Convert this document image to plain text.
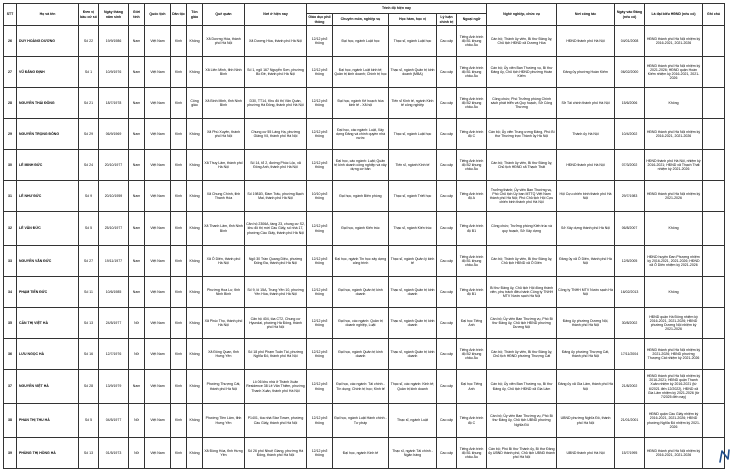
STT	Họ và tên	Đơn vị bầu cử số	Ngày tháng năm sinh	Giới tính	Quốc tịch	Dân tộc	Tôn giáo	Quê quán	Nơi ở hiện nay	Trình độ hiện nay					Nghề nghiệp, chức vụ	Nơi công tác	Ngày vào Đảng (nếu có)	Là đại biểu HĐND (nếu có)	Ghi chú
										Giáo dục phổ thông	Chuyên môn, nghiệp vụ	Học hàm, học vị	Lý luận chính trị	Ngoại ngữ					
26	DUY HOÀNG DƯƠNG	Số 22	19/9/1986	Nam	Việt Nam	Kinh	Không	Xã Dương Hòa, thành phố Hà Nội	Xã Dương Hòa, thành phố Hà Nội	12/12 phổ thông	Đại học, ngành Luật học	Thạc sĩ, ngành Luật học	Cao cấp	Tiếng Anh trình độ B1 khung châu Âu	Cán bộ; Thành ủy viên, Bí thư Đảng ủy, Chủ tịch HĐND xã Dương Hòa	HĐND thành phố Hà Nội	04/01/2008	HĐND thành phố Hà Nội nhiệm kỳ 2016-2021, 2021-2026	
27	VŨ ĐĂNG ĐỊNH	Số 1	10/9/1976	Nam	Việt Nam	Kinh	Không	Xã Liên Minh, tỉnh Ninh Bình	Số 1, ngõ 167 Nguyễn Sơn, phường Bồ Đề, thành phố Hà Nội	12/12 phổ thông	Đại học, ngành Luật kinh tế; Quản trị kinh doanh; Chính trị học	Thạc sĩ, ngành Quản trị kinh doanh (MBA)	Cao cấp	Tiếng Anh trình độ B1 khung châu Âu	Cán bộ; Ủy viên Ban Thường vụ, Bí thư Đảng ủy, Chủ tịch HĐND phường Hoàn Kiếm	Đảng ủy phường Hoàn Kiếm	06/02/2000	HĐND thành phố Hà Nội nhiệm kỳ 2021-2026; HĐND quận Hoàn Kiếm nhiệm kỳ 2016-2021, 2021-2026	
28	NGUYỄN THÁI ĐÔNG	Số 21	18/7/1978	Nam	Việt Nam	Kinh	Công giáo	Xã Bình Minh, tỉnh Ninh Bình	D30, TT14, Khu đô thị Văn Quán, phường Hà Đông, thành phố Hà Nội	12/12 phổ thông	Đại học, ngành Kế hoạch hóa kinh tế - Xã hội	Tiến sĩ Kinh tế, ngành Kinh tế công nghiệp	Cao cấp	Tiếng Anh trình độ B2 khung châu Âu	Công chức; Phó Trưởng phòng Chính sách phát triển và Quy hoạch, Sở Công Thương	Sở Tài chính thành phố Hà Nội	15/6/2006	Không	
29	NGUYỄN TRỌNG ĐÔNG	Số 29	06/9/1969	Nam	Việt Nam	Kinh	Không	Xã Phú Xuyên, thành phố Hà Nội	Chung cư 55 Láng Hạ, phường Giảng Võ, thành phố Hà Nội	12/12 phổ thông	Đại học, các ngành: Luật, Xây dựng Đảng và chính quyền nhà nước	Thạc sĩ, ngành Luật học	Cao cấp	Tiếng Anh trình độ C	Cán bộ; Ủy viên Trung ương Đảng, Phó Bí thư Thường trực Thành ủy Hà Nội	Thành ủy Hà Nội	10/4/2002	HĐND thành phố Hà Nội nhiệm kỳ 2016-2021, 2021-2026	
30	LÊ MINH ĐỨC	Số 24	20/10/1977	Nam	Việt Nam	Kinh	Không	Xã Thuỵ Lâm, thành phố Hà Nội	Số 14, tổ 2, đường Phúc Lộc, xã Đông Anh, thành phố Hà Nội	12/12 phổ thông	Đại học, các ngành: Luật; Quản trị kinh doanh công nghiệp và xây dựng cơ bản	Tiến sĩ, ngành Kinh tế	Cao cấp	Tiếng Anh trình độ B2 khung châu Âu	Cán bộ; Thành ủy viên, Bí thư Đảng ủy, Chủ tịch HĐND xã Thạch Thất	HĐND thành phố Hà Nội	07/3/2002	HĐND thành phố Hà Nội, nhiệm kỳ 2016-2021; HĐND xã Thạch Thất nhiệm kỳ 2021-2026	
31	LÊ NHƯ ĐỨC	Số 9	20/10/1959	Nam	Việt Nam	Kinh	Không	Xã Chung Chính, tỉnh Thanh Hóa	Số 1981Đ, Đầm Trấu, phường Bạch Mai, thành phố Hà Nội	10/10 phổ thông	Đại học, ngành Biên phòng	Thạc sĩ, ngành Triết học	Cao cấp	Tiếng Anh trình độ A	Trưởng thành; Ủy viên Ban Thường vụ, Phó Chủ tịch Ủy ban MTTQ Việt Nam thành phố Hà Nội; Phó Chủ tịch Hội Cựu chiến binh thành phố Hà Nội	Hội Cựu chiến binh thành phố Hà Nội	29/7/1983	HĐND thành phố Hà Nội nhiệm kỳ 2021-2026	
32	LÊ VĂN ĐỨC	Số 5	25/10/1977	Nam	Việt Nam	Kinh	Không	Xã Thanh Lâm, tỉnh Ninh Bình	Căn hộ 2306A, tầng 23, chung cư S2, khu đô thị mới Cầu Giấy, số nhà 17, phường Cầu Giấy, thành phố Hà Nội	12/12 phổ thông	Đại học, ngành Kiến trúc	Thạc sĩ, ngành Kiến trúc	Cao cấp	Tiếng Anh trình độ B1	Công chức; Trưởng phòng Kiến trúc và quy hoạch, Sở Xây dựng	Sở Xây dựng thành phố Hà Nội	06/8/2007	Không	
33	NGUYỄN VĂN ĐỨC	Số 27	19/11/1977	Nam	Việt Nam	Kinh	Không	Xã Ô Diên, thành phố Hà Nội	Ngõ 30 Trần Quang Diệu, phường Đống Đa, thành phố Hà Nội	12/12 phổ thông	Đại học, ngành Tin học xây dựng công trình	Thạc sĩ, ngành Quản lý kinh tế	Cao cấp	Tiếng Anh trình độ B1 khung châu Âu	Cán bộ; Thành ủy viên, Bí thư Đảng ủy, Chủ tịch HĐND xã Ô Diên	Đảng ủy xã Ô Diên, thành phố Hà Nội	12/5/2005	HĐND huyện Đan Phượng nhiệm kỳ 2016-2021, 2021-2026; HĐND xã Ô Diên nhiệm kỳ 2021-2026	
34	PHẠM TIẾN ĐỨC	Số 11	10/6/1985	Nam	Việt Nam	Kinh	Không	Phường Hoa Lư, tỉnh Ninh Bình	Số 9, lô 15A, Trung Yên 10, phường Yên Hòa, thành phố Hà Nội	12/12 phổ thông	Đại học, ngành Quản trị kinh doanh	Thạc sĩ, ngành Quản trị kinh doanh	Cao cấp	Tiếng Anh trình độ B1	Bí thư Đảng ủy, Chủ tịch Hội đồng thành viên, phụ trách điều hành Công ty TNHH MTV Nước sạch Hà Nội	Công ty TNHH MTV Nước sạch Hà Nội	16/02/2013	Không	
35	CẤN THỊ VIỆT HÀ	Số 13	24/5/1977	Nữ	Việt Nam	Kinh	Không	Xã Phúc Thọ, thành phố Hà Nội	Căn hộ 404, tòa CT2, Chung cư Hyundai, phường Hà Đông, thành phố Hà Nội	12/12 phổ thông	Đại học, các ngành: Quản trị doanh nghiệp, Luật	Thạc sĩ, ngành Quản trị kinh doanh	Cao cấp	Đại học Tiếng Anh	Cán bộ; Ủy viên Ban Thường vụ, Phó Bí thư Đảng ủy, Chủ tịch HĐND phường Dương Nội	Đảng ủy phường Dương Nội, thành phố Hà Nội	30/8/2002	HĐND quận Hà Đông nhiệm kỳ 2016-2021, 2021-2026; HĐND phường Dương Nội nhiệm kỳ 2021-2026	
36	LƯU NGỌC HÀ	Số 16	12/7/1976	Nữ	Việt Nam	Kinh	Không	Xã Đông Quan, tỉnh Hưng Yên	Số 18 phố Phạm Tuấn Tài, phường Nghĩa Đô, thành phố Hà Nội	12/12 phổ thông	Đại học, ngành Quản trị kinh doanh	Thạc sĩ, ngành Quản trị kinh doanh	Cao cấp	Tiếng Anh trình độ B2 khung châu Âu	Cán bộ; Thành ủy viên, Bí thư Đảng ủy, Chủ tịch HĐND phường Thượng Cát	Đảng ủy phường Thượng Cát, thành phố Hà Nội	17/11/2004	HĐND thành phố Hà Nội nhiệm kỳ 2021-2026; HĐND phường Thượng Cát nhiệm kỳ 2021-2026	
37	NGUYỄN VIỆT HÀ	Số 28	13/9/1979	Nam	Việt Nam	Kinh	Không	Phường Thượng Cát, thành phố Hà Nội	Lô 06 khu nhà ở Thành Xuân Residence 38 Lê Văn Thiêm, phường Thanh Xuân, thành phố Hà Nội	12/12 phổ thông	Đại học, các ngành: Tài chính - Tín dụng; Chính trị học; Kinh tế	Thạc sĩ, các ngành: Kinh tế; Quản trị kinh doanh	Cao cấp	Đại học Tiếng Anh	Cán bộ; Ủy viên Ban Thường vụ, Bí thư Đảng ủy, Chủ tịch HĐND xã Gia Lâm	Đảng ủy xã Gia Lâm, thành phố Hà Nội	21/8/2002	HĐND thành phố Hà Nội nhiệm kỳ 2016-2021; HĐND quận Thanh Xuân nhiệm kỳ 2016-2021 (từ 6/2021 đến 12/2022), HĐND xã Gia Lâm nhiệm kỳ 2021-2026 (từ 7/2025 đến nay)	
38	PHAN THỊ THU HÀ	Số 5	04/5/1977	Nữ	Việt Nam	Kinh	Không	Phường Tiền Lâm, tỉnh Hưng Yên	P1401, tòa nhà Star Tower, phường Cầu Giấy, thành phố Hà Nội	12/12 phổ thông	Đại học, ngành Luật Hành chính - Tư pháp	Thạc sĩ, ngành Luật	Cao cấp	Tiếng Anh trình độ C	Cán bộ; Ủy viên Ban Thường vụ, Phó Bí thư Đảng ủy, Chủ tịch UBND phường Nghĩa Đô	UBND phường Nghĩa Đô, thành phố Hà Nội	21/01/2001	HĐND quận Cầu Giấy nhiệm kỳ 2016-2021, 2021-2026; HĐND phường Nghĩa Đô nhiệm kỳ 2021-2026	
39	PHÙNG THỊ HỒNG HÀ	Số 13	01/5/1973	Nữ	Việt Nam	Kinh	Không	Xã Đồng Hòa, tỉnh Hưng Yên	Số 26 phố Nhuệ Giang, phường Hà Đông, thành phố Hà Nội	12/12 phổ thông	Đại học, ngành Kinh tế	Thạc sĩ, ngành Tài chính - Ngân hàng	Cao cấp	Tiếng Anh trình độ B1 khung châu Âu	Cán bộ; Phó Bí thư Thành ủy, Bí thư Đảng ủy UBND thành phố, Chủ tịch UBND thành phố Hà Nội	UBND thành phố Hà Nội	15/7/1995	HĐND thành phố Hà Nội nhiệm kỳ 2016-2021, 2021-2026	
